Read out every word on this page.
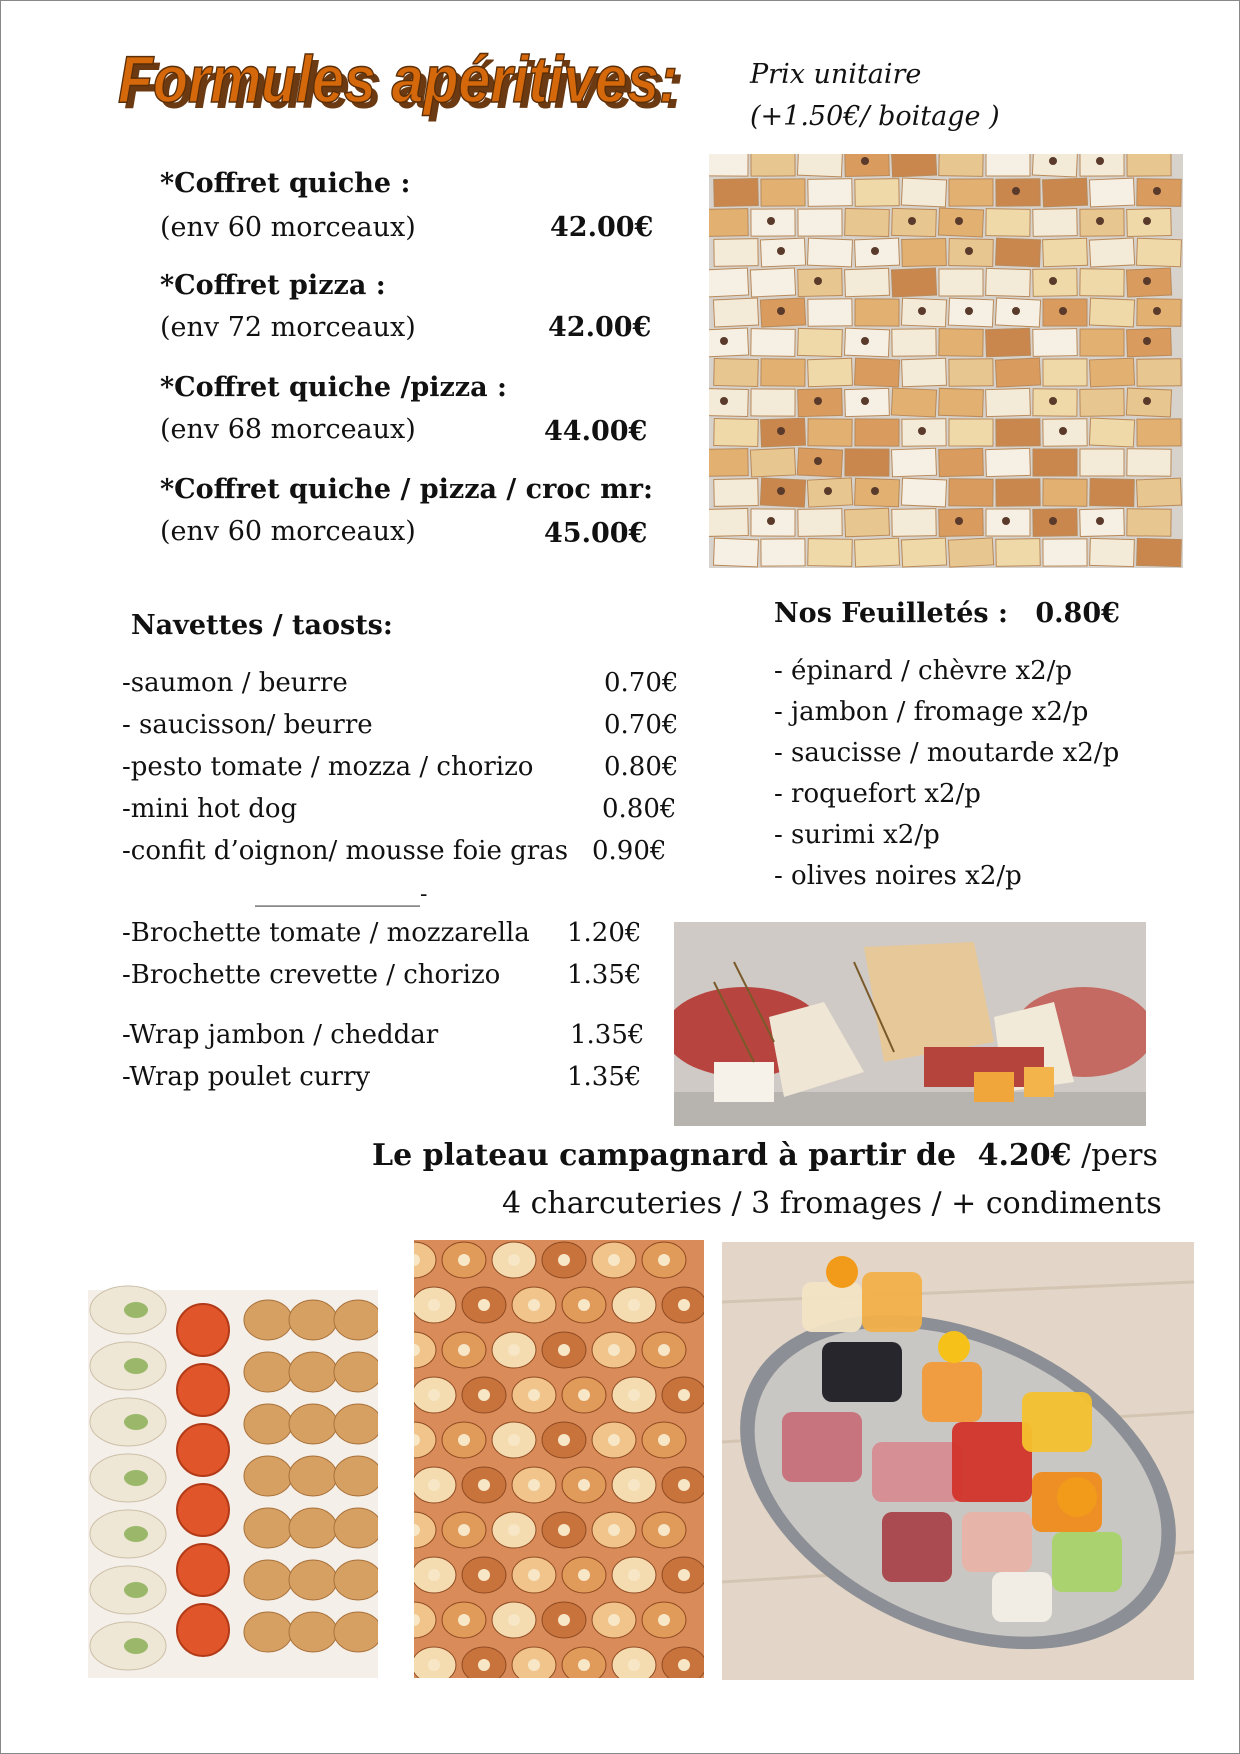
Formules apéritives:
Formules apéritives:	Prix unitaire
(+1.50€/ boitage )
*Coffret quiche :
(env 60 morceaux)	42.00€
*Coffret pizza :
(env 72 morceaux)	42.00€
*Coffret quiche /pizza :
(env 68 morceaux)	44.00€
*Coffret quiche / pizza / croc mr:
(env 60 morceaux)	45.00€
Navettes / taosts:
-saumon / beurre	0.70€
- saucisson/ beurre	0.70€
-pesto tomate / mozza / chorizo	0.80€
-mini hot dog	0.80€
-confit d’oignon/ mousse foie gras 0.90€
_______________-
-Brochette tomate / mozzarella 1.20€
-Brochette crevette / chorizo	1.35€
-Wrap jambon / cheddar	1.35€
-Wrap poulet curry	1.35€
Nos Feuilletés : 0.80€
- épinard / chèvre x2/p
- jambon / fromage x2/p
- saucisse / moutarde x2/p
- roquefort x2/p
- surimi x2/p
- olives noires x2/p
Le plateau campagnard à partir de 4.20€ /pers
4 charcuteries / 3 fromages / + condiments
